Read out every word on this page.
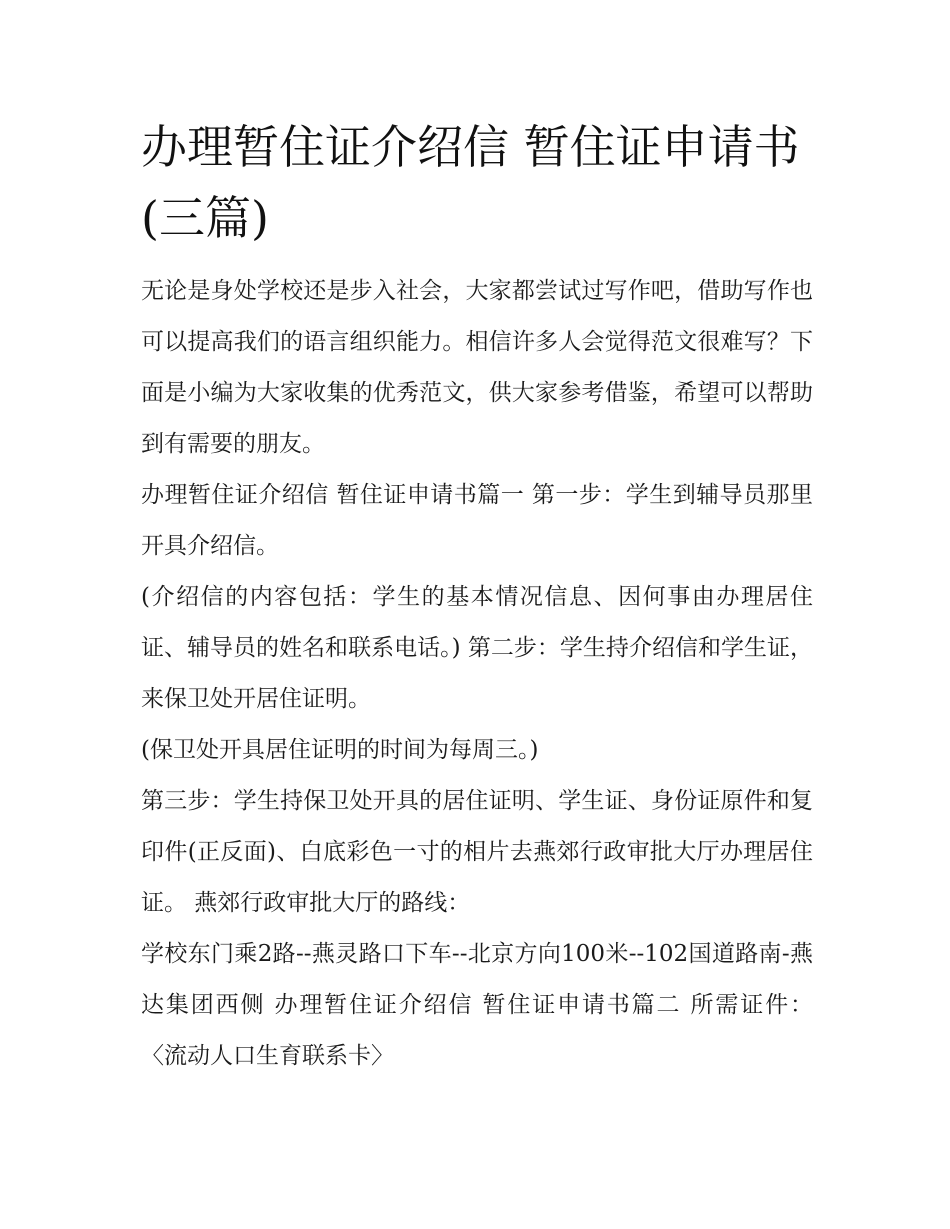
办理暂住证介绍信 暂住证申请书(三篇)

无论是身处学校还是步入社会，大家都尝试过写作吧，借助写作也可以提高我们的语言组织能力。相信许多人会觉得范文很难写？下面是小编为大家收集的优秀范文，供大家参考借鉴，希望可以帮助到有需要的朋友。

办理暂住证介绍信 暂住证申请书篇一 第一步：学生到辅导员那里开具介绍信。

(介绍信的内容包括：学生的基本情况信息、因何事由办理居住证、辅导员的姓名和联系电话。) 第二步：学生持介绍信和学生证，来保卫处开居住证明。

(保卫处开具居住证明的时间为每周三。)

第三步：学生持保卫处开具的居住证明、学生证、身份证原件和复印件(正反面)、白底彩色一寸的相片去燕郊行政审批大厅办理居住证。 燕郊行政审批大厅的路线：

学校东门乘2路--燕灵路口下车--北京方向100米--102国道路南-燕达集团西侧 办理暂住证介绍信 暂住证申请书篇二 所需证件： 〈流动人口生育联系卡〉
